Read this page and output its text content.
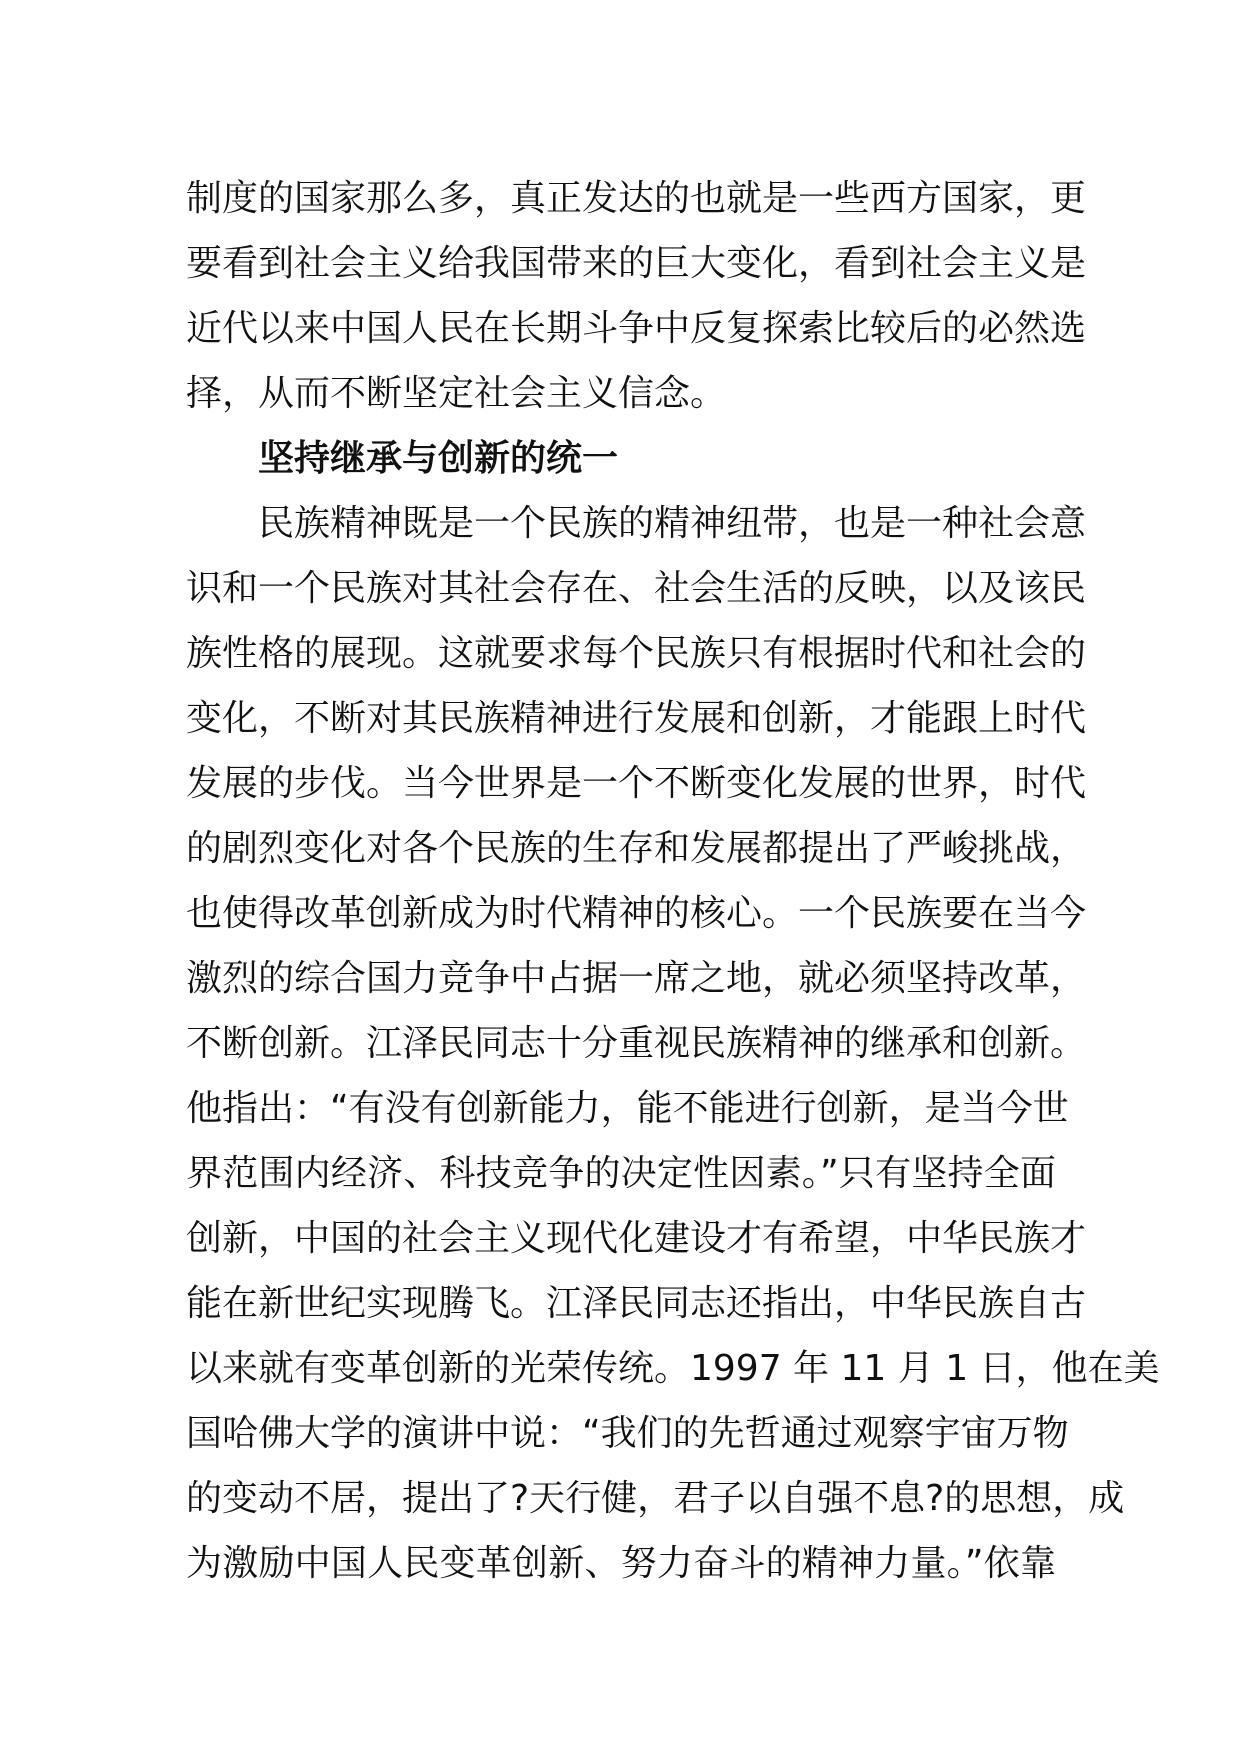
制度的国家那么多，真正发达的也就是一些西方国家，更
要看到社会主义给我国带来的巨大变化，看到社会主义是
近代以来中国人民在长期斗争中反复探索比较后的必然选
择，从而不断坚定社会主义信念。
坚持继承与创新的统一
民族精神既是一个民族的精神纽带，也是一种社会意
识和一个民族对其社会存在、社会生活的反映，以及该民
族性格的展现。这就要求每个民族只有根据时代和社会的
变化，不断对其民族精神进行发展和创新，才能跟上时代
发展的步伐。当今世界是一个不断变化发展的世界，时代
的剧烈变化对各个民族的生存和发展都提出了严峻挑战，
也使得改革创新成为时代精神的核心。一个民族要在当今
激烈的综合国力竞争中占据一席之地，就必须坚持改革，
不断创新。江泽民同志十分重视民族精神的继承和创新。
他指出：“有没有创新能力，能不能进行创新，是当今世
界范围内经济、科技竞争的决定性因素。”只有坚持全面
创新，中国的社会主义现代化建设才有希望，中华民族才
能在新世纪实现腾飞。江泽民同志还指出，中华民族自古
以来就有变革创新的光荣传统。1997 年 11 月 1 日，他在美
国哈佛大学的演讲中说：“我们的先哲通过观察宇宙万物
的变动不居，提出了?天行健，君子以自强不息?的思想，成
为激励中国人民变革创新、努力奋斗的精神力量。”依靠
